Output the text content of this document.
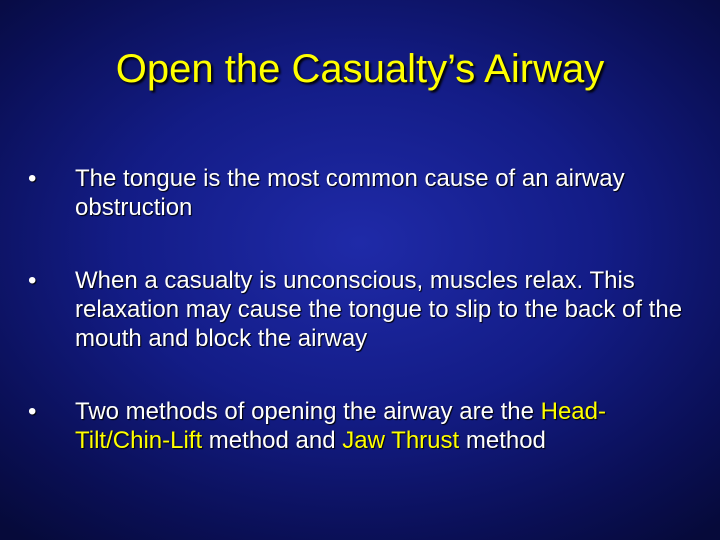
Open the Casualty’s Airway
• The tongue is the most common cause of an airway obstruction
• When a casualty is unconscious, muscles relax. This relaxation may cause the tongue to slip to the back of the mouth and block the airway
• Two methods of opening the airway are the Head-Tilt/Chin-Lift method and Jaw Thrust method
